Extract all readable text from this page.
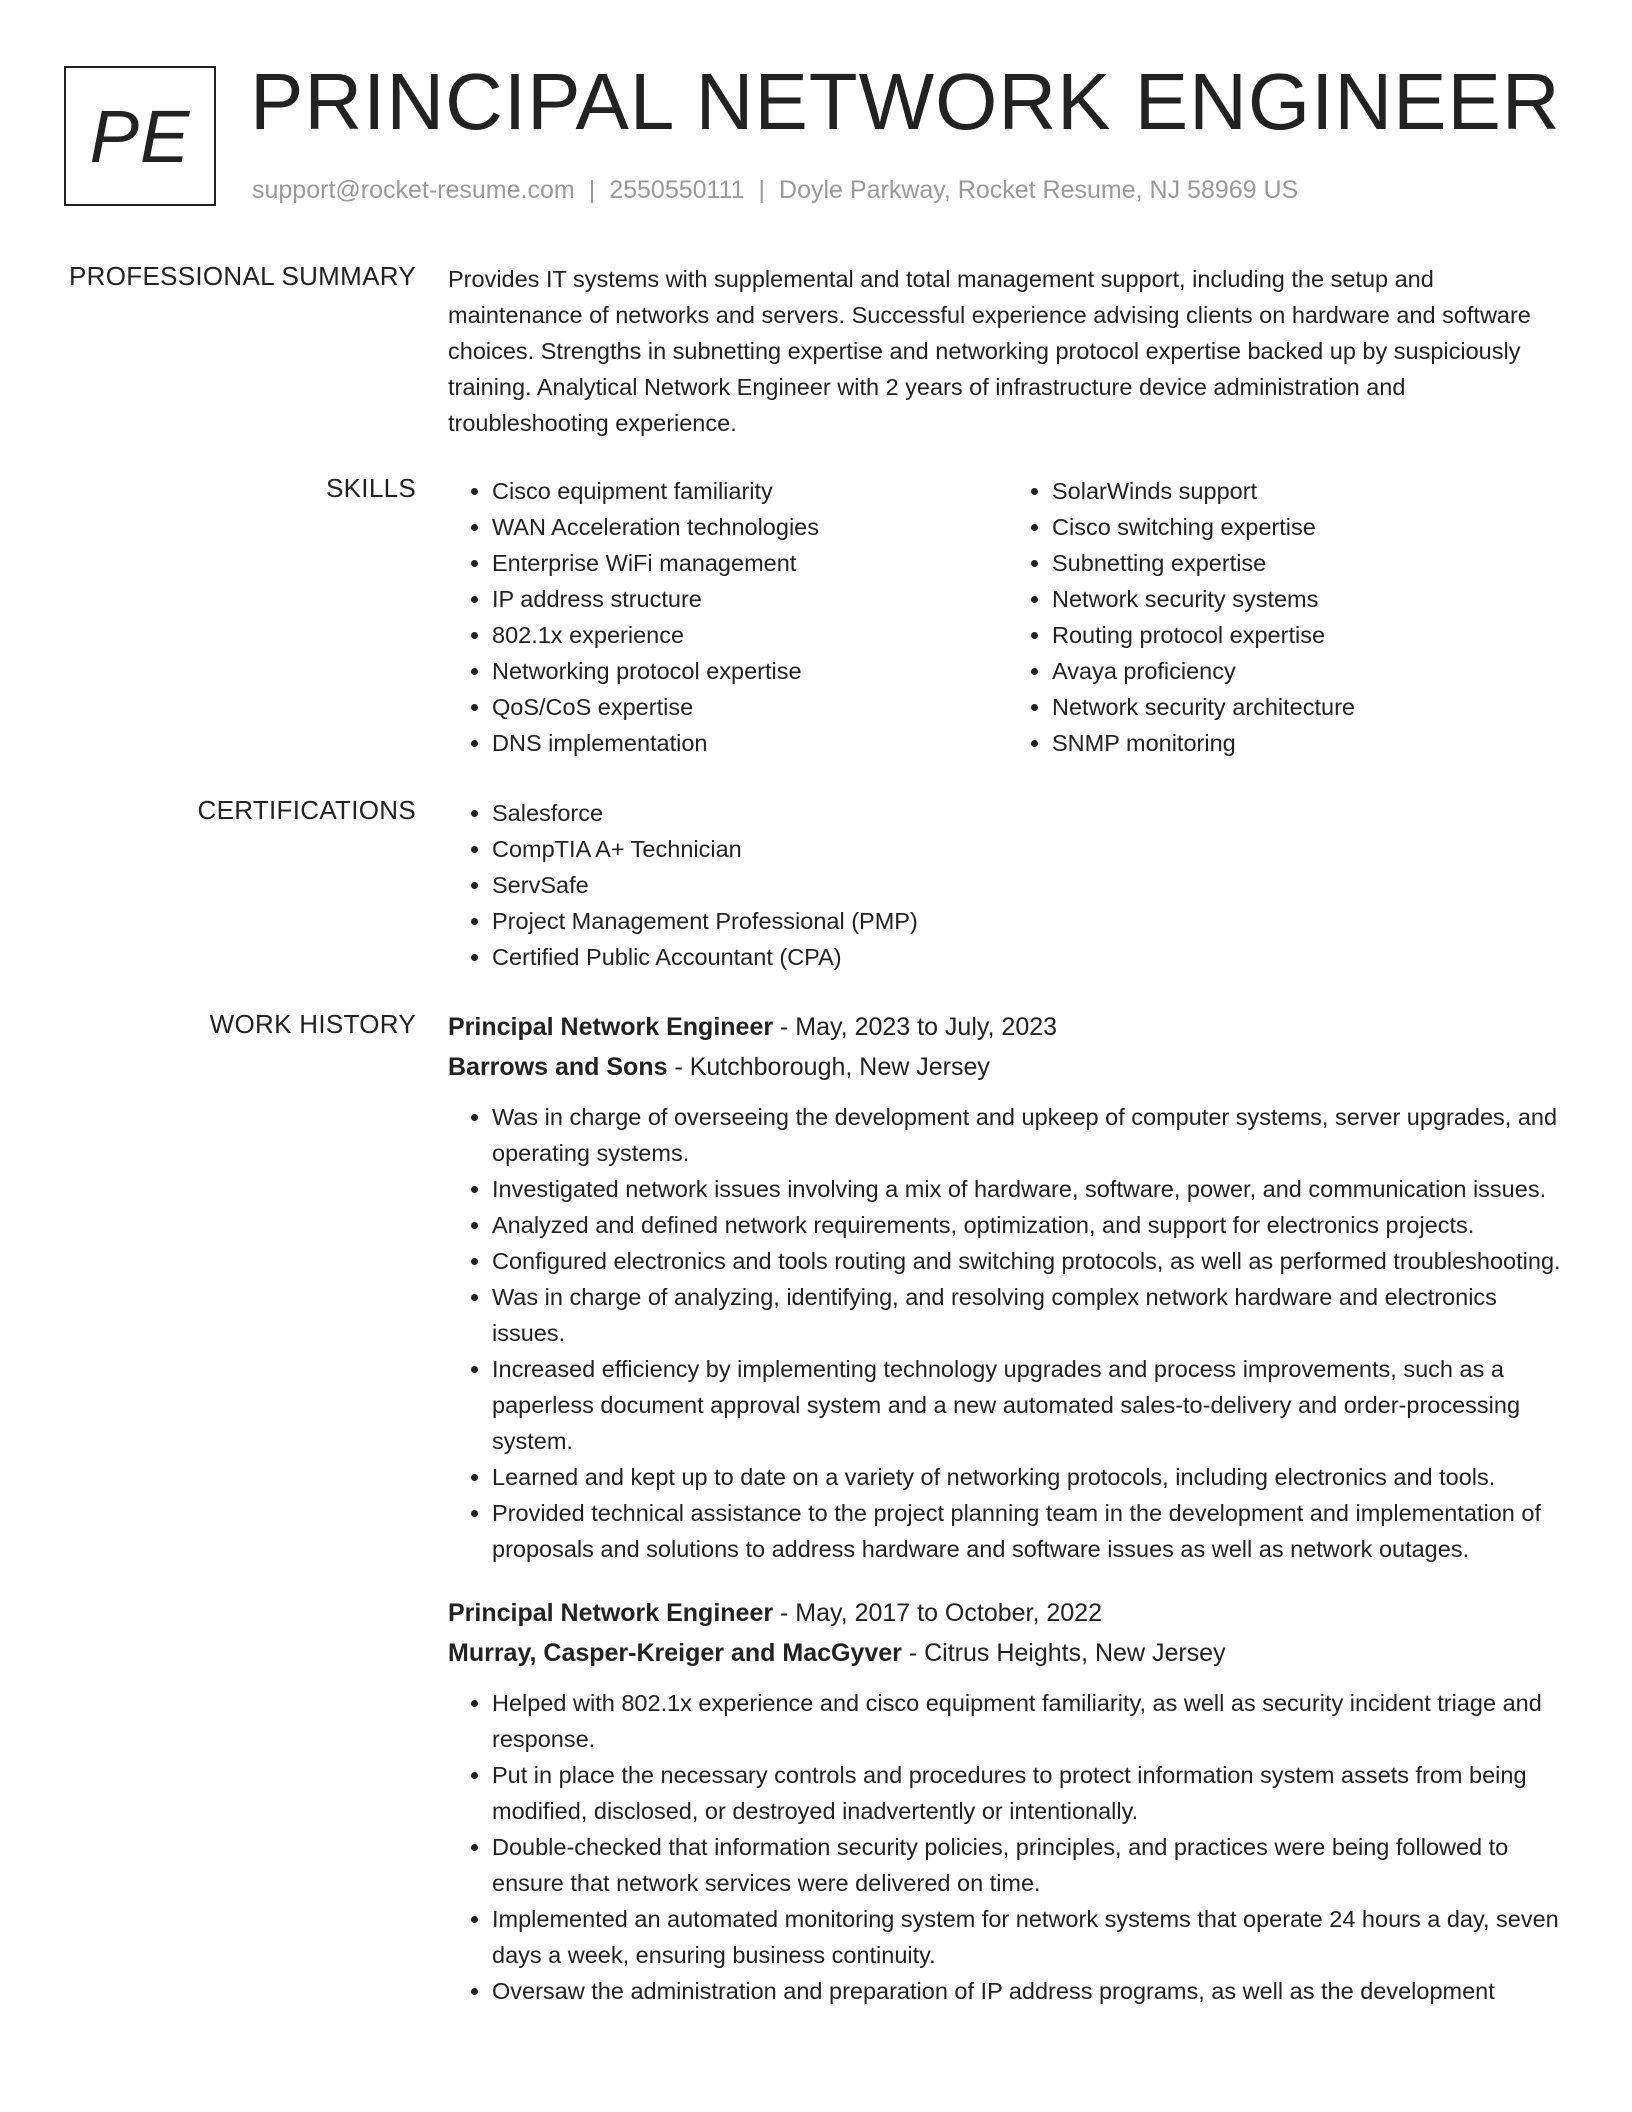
PE PRINCIPAL NETWORK ENGINEER
support@rocket-resume.com | 2550550111 | Doyle Parkway, Rocket Resume, NJ 58969 US
PROFESSIONAL SUMMARY Provides IT systems with supplemental and total management support, including the setup and maintenance of networks and servers. Successful experience advising clients on hardware and software choices. Strengths in subnetting expertise and networking protocol expertise backed up by suspiciously training. Analytical Network Engineer with 2 years of infrastructure device administration and troubleshooting experience.

SKILLS	• Cisco equipment familiarity
• WAN Acceleration technologies
• Enterprise WiFi management
• IP address structure
• 802.1x experience
• Networking protocol expertise
• QoS/CoS expertise
• DNS implementation
• SolarWinds support
• Cisco switching expertise
• Subnetting expertise
• Network security systems
• Routing protocol expertise
• Avaya proficiency
• Network security architecture
• SNMP monitoring
CERTIFICATIONS	• Salesforce
• CompTIA A+ Technician
• ServSafe
• Project Management Professional (PMP)
• Certified Public Accountant (CPA)
WORK HISTORY Principal Network Engineer - May, 2023 to July, 2023
Barrows and Sons - Kutchborough, New Jersey
• Was in charge of overseeing the development and upkeep of computer systems, server upgrades, and operating systems.
• Investigated network issues involving a mix of hardware, software, power, and communication issues.
• Analyzed and defined network requirements, optimization, and support for electronics projects.
• Configured electronics and tools routing and switching protocols, as well as performed troubleshooting.
• Was in charge of analyzing, identifying, and resolving complex network hardware and electronics issues.
• Increased efficiency by implementing technology upgrades and process improvements, such as a paperless document approval system and a new automated sales-to-delivery and order-processing system.
• Learned and kept up to date on a variety of networking protocols, including electronics and tools.
• Provided technical assistance to the project planning team in the development and implementation of proposals and solutions to address hardware and software issues as well as network outages.
Principal Network Engineer - May, 2017 to October, 2022
Murray, Casper-Kreiger and MacGyver - Citrus Heights, New Jersey
• Helped with 802.1x experience and cisco equipment familiarity, as well as security incident triage and response.
• Put in place the necessary controls and procedures to protect information system assets from being modified, disclosed, or destroyed inadvertently or intentionally.
• Double-checked that information security policies, principles, and practices were being followed to ensure that network services were delivered on time.
• Implemented an automated monitoring system for network systems that operate 24 hours a day, seven days a week, ensuring business continuity.
• Oversaw the administration and preparation of IP address programs, as well as the development
